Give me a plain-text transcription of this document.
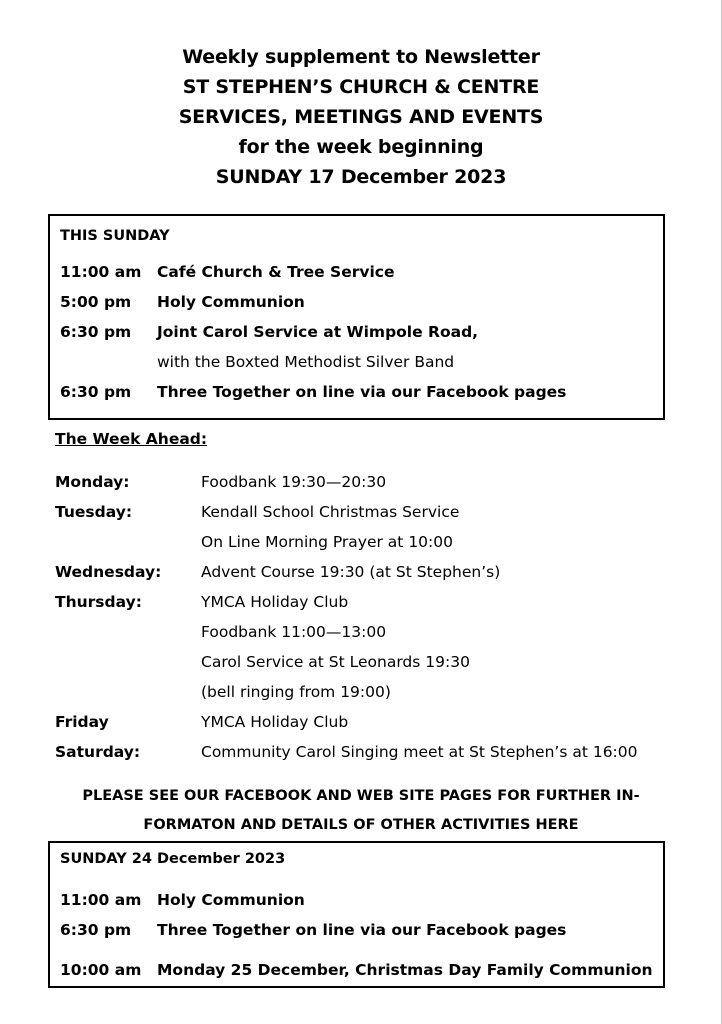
Weekly supplement to Newsletter
ST STEPHEN’S CHURCH & CENTRE
SERVICES, MEETINGS AND EVENTS
for the week beginning
SUNDAY 17 December 2023
THIS SUNDAY
11:00 am Café Church & Tree Service
5:00 pm Holy Communion
6:30 pm Joint Carol Service at Wimpole Road,
with the Boxted Methodist Silver Band
6:30 pm Three Together on line via our Facebook pages
The Week Ahead:
Monday:	Foodbank 19:30—20:30
Tuesday:	Kendall School Christmas Service
On Line Morning Prayer at 10:00
Wednesday:	Advent Course 19:30 (at St Stephen’s)
Thursday:	YMCA Holiday Club
Foodbank 11:00—13:00
Carol Service at St Leonards 19:30
(bell ringing from 19:00)
Friday	YMCA Holiday Club
Saturday:	Community Carol Singing meet at St Stephen’s at 16:00
PLEASE SEE OUR FACEBOOK AND WEB SITE PAGES FOR FURTHER IN-
FORMATON AND DETAILS OF OTHER ACTIVITIES HERE
SUNDAY 24 December 2023
11:00 am Holy Communion
6:30 pm Three Together on line via our Facebook pages
10:00 am Monday 25 December, Christmas Day Family Communion
